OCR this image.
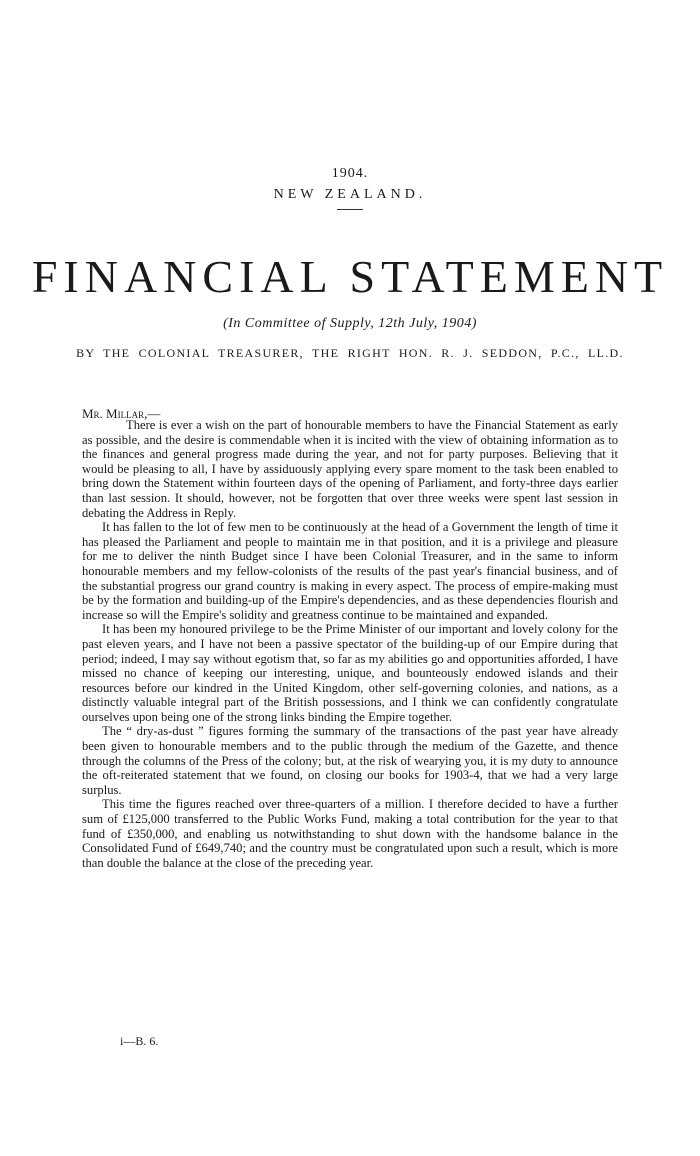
1904.
NEW ZEALAND.
FINANCIAL STATEMENT
(In Committee of Supply, 12th July, 1904)
BY THE COLONIAL TREASURER, THE RIGHT HON. R. J. SEDDON, P.C., LL.D.
Mr. Millar,—

There is ever a wish on the part of honourable members to have the Financial Statement as early as possible, and the desire is commendable when it is incited with the view of obtaining information as to the finances and general progress made during the year, and not for party purposes. Believing that it would be pleasing to all, I have by assiduously applying every spare moment to the task been enabled to bring down the Statement within fourteen days of the opening of Parliament, and forty-three days earlier than last session. It should, however, not be forgotten that over three weeks were spent last session in debating the Address in Reply.

It has fallen to the lot of few men to be continuously at the head of a Government the length of time it has pleased the Parliament and people to maintain me in that position, and it is a privilege and pleasure for me to deliver the ninth Budget since I have been Colonial Treasurer, and in the same to inform honourable members and my fellow-colonists of the results of the past year's financial business, and of the substantial progress our grand country is making in every aspect. The process of empire-making must be by the formation and building-up of the Empire's dependencies, and as these dependencies flourish and increase so will the Empire's solidity and greatness continue to be maintained and expanded.

It has been my honoured privilege to be the Prime Minister of our important and lovely colony for the past eleven years, and I have not been a passive spectator of the building-up of our Empire during that period; indeed, I may say without egotism that, so far as my abilities go and opportunities afforded, I have missed no chance of keeping our interesting, unique, and bounteously endowed islands and their resources before our kindred in the United Kingdom, other self-governing colonies, and nations, as a distinctly valuable integral part of the British possessions, and I think we can confidently congratulate ourselves upon being one of the strong links binding the Empire together.

The “ dry-as-dust ” figures forming the summary of the transactions of the past year have already been given to honourable members and to the public through the medium of the Gazette, and thence through the columns of the Press of the colony; but, at the risk of wearying you, it is my duty to announce the oft-reiterated statement that we found, on closing our books for 1903-4, that we had a very large surplus.

This time the figures reached over three-quarters of a million. I therefore decided to have a further sum of £125,000 transferred to the Public Works Fund, making a total contribution for the year to that fund of £350,000, and enabling us notwithstanding to shut down with the handsome balance in the Consolidated Fund of £649,740; and the country must be congratulated upon such a result, which is more than double the balance at the close of the preceding year.

i—B. 6.
